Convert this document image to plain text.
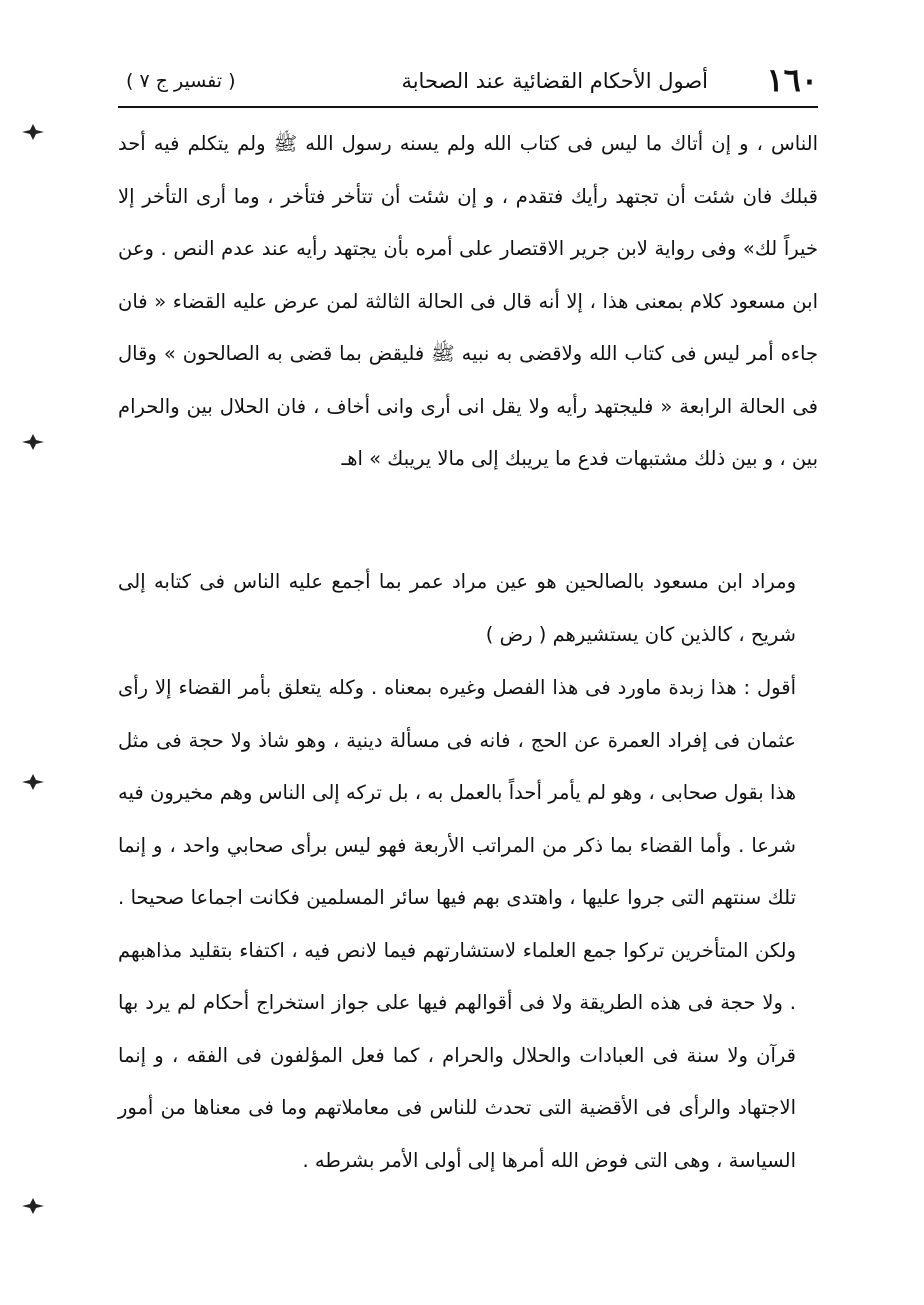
١٦٠
أصول الأحكام القضائية عند الصحابة
( تفسير ج ٧ )

الناس ، و إن أتاك ما ليس فى كتاب الله ولم يسنه رسول الله ﷺ ولم يتكلم فيه أحد قبلك فان شئت أن تجتهد رأيك فتقدم ، و إن شئت أن تتأخر فتأخر ، وما أرى التأخر إلا خيراً لك» وفى رواية لابن جرير الاقتصار على أمره بأن يجتهد رأيه عند عدم النص . وعن ابن مسعود كلام بمعنى هذا ، إلا أنه قال فى الحالة الثالثة لمن عرض عليه القضاء « فان جاءه أمر ليس فى كتاب الله ولاقضى به نبيه ﷺ فليقض بما قضى به الصالحون » وقال فى الحالة الرابعة « فليجتهد رأيه ولا يقل انى أرى وانى أخاف ، فان الحلال بين والحرام بين ، و بين ذلك مشتبهات فدع ما يريبك إلى مالا يريبك » اهـ

ومراد ابن مسعود بالصالحين هو عين مراد عمر بما أجمع عليه الناس فى كتابه إلى شريح ، كالذين كان يستشيرهم ( رض )

أقول : هذا زبدة ماورد فى هذا الفصل وغيره بمعناه . وكله يتعلق بأمر القضاء إلا رأى عثمان فى إفراد العمرة عن الحج ، فانه فى مسألة دينية ، وهو شاذ ولا حجة فى مثل هذا بقول صحابى ، وهو لم يأمر أحداً بالعمل به ، بل تركه إلى الناس وهم مخيرون فيه شرعا . وأما القضاء بما ذكر من المراتب الأربعة فهو ليس برأى صحابي واحد ، و إنما تلك سنتهم التى جروا عليها ، واهتدى بهم فيها سائر المسلمين فكانت اجماعا صحيحا . ولكن المتأخرين تركوا جمع العلماء لاستشارتهم فيما لانص فيه ، اكتفاء بتقليد مذاهبهم . ولا حجة فى هذه الطريقة ولا فى أقوالهم فيها على جواز استخراج أحكام لم يرد بها قرآن ولا سنة فى العبادات والحلال والحرام ، كما فعل المؤلفون فى الفقه ، و إنما الاجتهاد والرأى فى الأقضية التى تحدث للناس فى معاملاتهم وما فى معناها من أمور السياسة ، وهى التى فوض الله أمرها إلى أولى الأمر بشرطه .
